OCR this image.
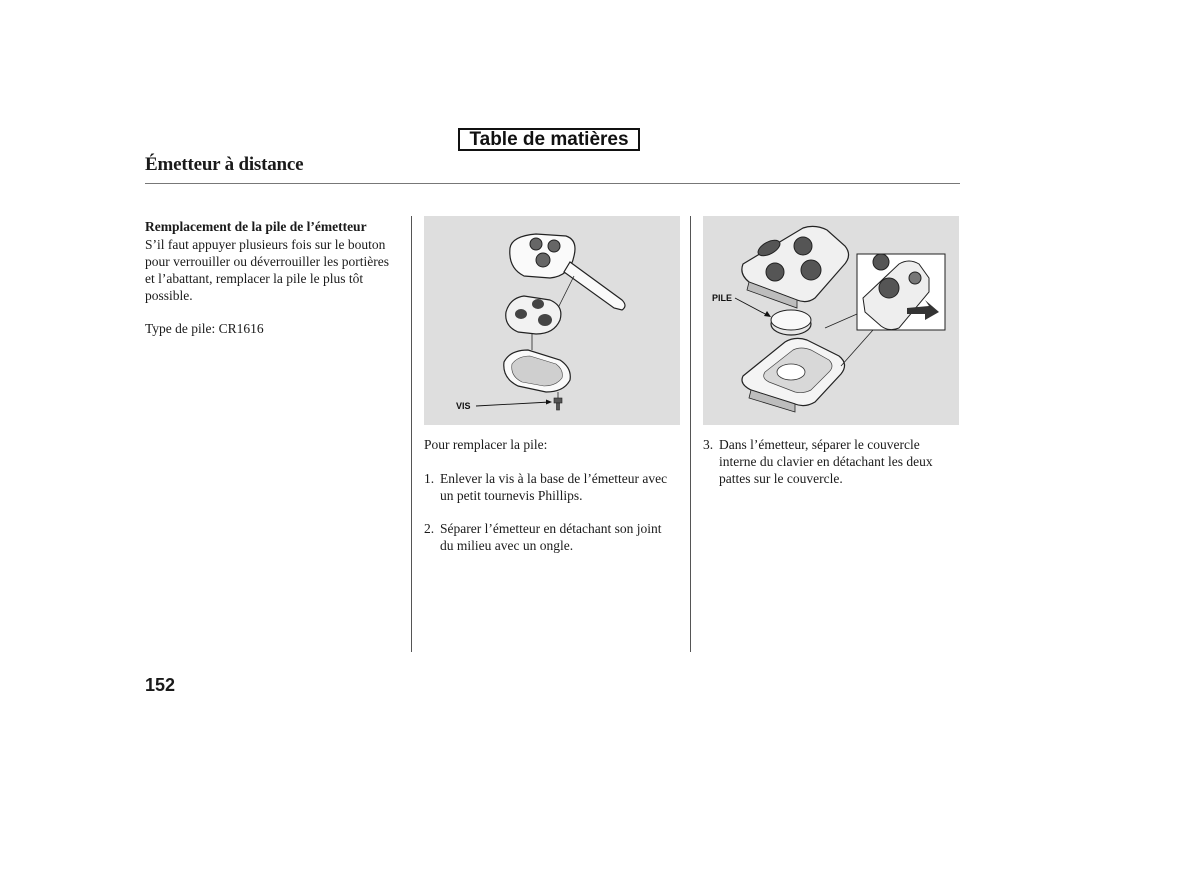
Table de matières
Émetteur à distance
Remplacement de la pile de l’émetteur
S’il faut appuyer plusieurs fois sur le bouton
pour verrouiller ou déverrouiller les portières
et l’abattant, remplacer la pile le plus tôt
possible.
Type de pile: CR1616
VIS
PILE
Pour remplacer la pile:
1. Enlever la vis à la base de l’émetteur avec
un petit tournevis Phillips.
2. Séparer l’émetteur en détachant son joint
du milieu avec un ongle.
3. Dans l’émetteur, séparer le couvercle
interne du clavier en détachant les deux
pattes sur le couvercle.
152
